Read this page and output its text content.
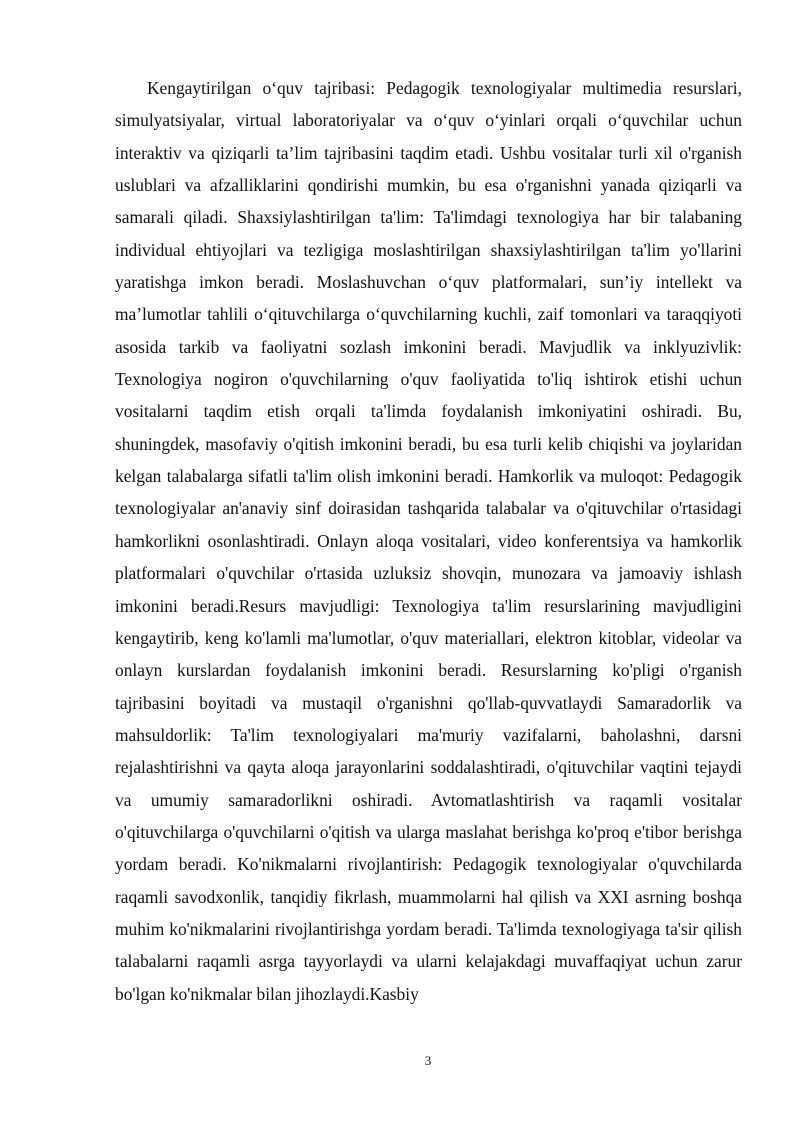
Kengaytirilgan o‘quv tajribasi: Pedagogik texnologiyalar multimedia resurslari, simulyatsiyalar, virtual laboratoriyalar va o‘quv o‘yinlari orqali o‘quvchilar uchun interaktiv va qiziqarli ta’lim tajribasini taqdim etadi. Ushbu vositalar turli xil o'rganish uslublari va afzalliklarini qondirishi mumkin, bu esa o'rganishni yanada qiziqarli va samarali qiladi. Shaxsiylashtirilgan ta'lim: Ta'limdagi texnologiya har bir talabaning individual ehtiyojlari va tezligiga moslashtirilgan shaxsiylashtirilgan ta'lim yo'llarini yaratishga imkon beradi. Moslashuvchan o‘quv platformalari, sun’iy intellekt va ma’lumotlar tahlili o‘qituvchilarga o‘quvchilarning kuchli, zaif tomonlari va taraqqiyoti asosida tarkib va faoliyatni sozlash imkonini beradi. Mavjudlik va inklyuzivlik: Texnologiya nogiron o'quvchilarning o'quv faoliyatida to'liq ishtirok etishi uchun vositalarni taqdim etish orqali ta'limda foydalanish imkoniyatini oshiradi. Bu, shuningdek, masofaviy o'qitish imkonini beradi, bu esa turli kelib chiqishi va joylaridan kelgan talabalarga sifatli ta'lim olish imkonini beradi. Hamkorlik va muloqot: Pedagogik texnologiyalar an'anaviy sinf doirasidan tashqarida talabalar va o'qituvchilar o'rtasidagi hamkorlikni osonlashtiradi. Onlayn aloqa vositalari, video konferentsiya va hamkorlik platformalari o'quvchilar o'rtasida uzluksiz shovqin, munozara va jamoaviy ishlash imkonini beradi.Resurs mavjudligi: Texnologiya ta'lim resurslarining mavjudligini kengaytirib, keng ko'lamli ma'lumotlar, o'quv materiallari, elektron kitoblar, videolar va onlayn kurslardan foydalanish imkonini beradi. Resurslarning ko'pligi o'rganish tajribasini boyitadi va mustaqil o'rganishni qo'llab-quvvatlaydi Samaradorlik va mahsuldorlik: Ta'lim texnologiyalari ma'muriy vazifalarni, baholashni, darsni rejalashtirishni va qayta aloqa jarayonlarini soddalashtiradi, o'qituvchilar vaqtini tejaydi va umumiy samaradorlikni oshiradi. Avtomatlashtirish va raqamli vositalar o'qituvchilarga o'quvchilarni o'qitish va ularga maslahat berishga ko'proq e'tibor berishga yordam beradi. Ko'nikmalarni rivojlantirish: Pedagogik texnologiyalar o'quvchilarda raqamli savodxonlik, tanqidiy fikrlash, muammolarni hal qilish va XXI asrning boshqa muhim ko'nikmalarini rivojlantirishga yordam beradi. Ta'limda texnologiyaga ta'sir qilish talabalarni raqamli asrga tayyorlaydi va ularni kelajakdagi muvaffaqiyat uchun zarur bo'lgan ko'nikmalar bilan jihozlaydi.Kasbiy

3
